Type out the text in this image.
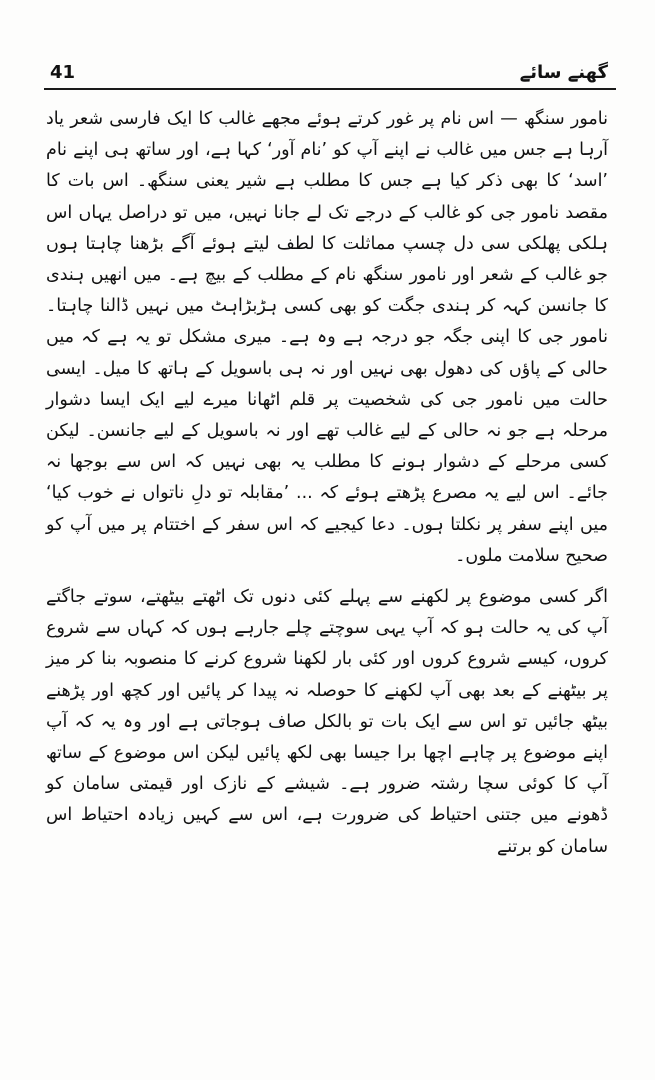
41	گھنے سائے

نامور سنگھ — اس نام پر غور کرتے ہوئے مجھے غالب کا ایک فارسی شعر یاد آرہا ہے جس میں غالب نے اپنے آپ کو ’نام آور‘ کہا ہے، اور ساتھ ہی اپنے نام ’اسد‘ کا بھی ذکر کیا ہے جس کا مطلب ہے شیر یعنی سنگھ۔ اس بات کا مقصد نامور جی کو غالب کے درجے تک لے جانا نہیں، میں تو دراصل یہاں اس ہلکی پھلکی سی دل چسپ مماثلت کا لطف لیتے ہوئے آگے بڑھنا چاہتا ہوں جو غالب کے شعر اور نامور سنگھ نام کے مطلب کے بیچ ہے۔ میں انھیں ہندی کا جانسن کہہ کر ہندی جگت کو بھی کسی ہڑبڑاہٹ میں نہیں ڈالنا چاہتا۔ نامور جی کا اپنی جگہ جو درجہ ہے وہ ہے۔ میری مشکل تو یہ ہے کہ میں حالی کے پاؤں کی دھول بھی نہیں اور نہ ہی باسویل کے ہاتھ کا میل۔ ایسی حالت میں نامور جی کی شخصیت پر قلم اٹھانا میرے لیے ایک ایسا دشوار مرحلہ ہے جو نہ حالی کے لیے غالب تھے اور نہ باسویل کے لیے جانسن۔ لیکن کسی مرحلے کے دشوار ہونے کا مطلب یہ بھی نہیں کہ اس سے بوجھا نہ جائے۔ اس لیے یہ مصرع پڑھتے ہوئے کہ ... ’مقابلہ تو دلِ ناتواں نے خوب کیا‘ میں اپنے سفر پر نکلتا ہوں۔ دعا کیجیے کہ اس سفر کے اختتام پر میں آپ کو صحیح سلامت ملوں۔

اگر کسی موضوع پر لکھنے سے پہلے کئی دنوں تک اٹھتے بیٹھتے، سوتے جاگتے آپ کی یہ حالت ہو کہ آپ یہی سوچتے چلے جارہے ہوں کہ کہاں سے شروع کروں، کیسے شروع کروں اور کئی بار لکھنا شروع کرنے کا منصوبہ بنا کر میز پر بیٹھنے کے بعد بھی آپ لکھنے کا حوصلہ نہ پیدا کر پائیں اور کچھ اور پڑھنے بیٹھ جائیں تو اس سے ایک بات تو بالکل صاف ہوجاتی ہے اور وہ یہ کہ آپ اپنے موضوع پر چاہے اچھا برا جیسا بھی لکھ پائیں لیکن اس موضوع کے ساتھ آپ کا کوئی سچا رشتہ ضرور ہے۔ شیشے کے نازک اور قیمتی سامان کو ڈھونے میں جتنی احتیاط کی ضرورت ہے، اس سے کہیں زیادہ احتیاط اس سامان کو برتنے
